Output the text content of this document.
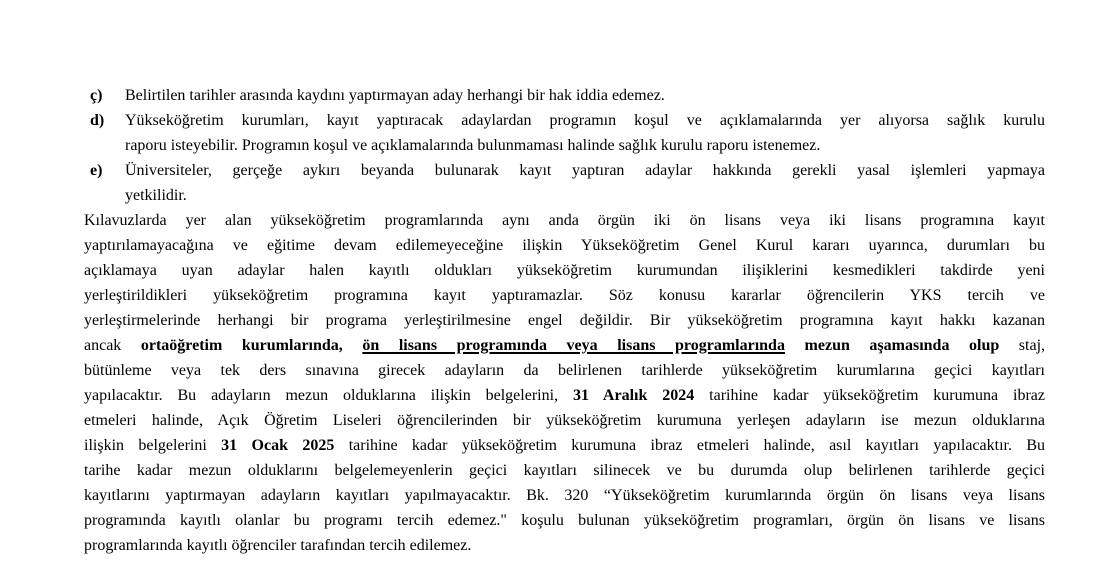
ç)	Belirtilen tarihler arasında kaydını yaptırmayan aday herhangi bir hak iddia edemez.
d)	Yükseköğretim kurumları, kayıt yaptıracak adaylardan programın koşul ve açıklamalarında yer alıyorsa sağlık kurulu
raporu isteyebilir. Programın koşul ve açıklamalarında bulunmaması halinde sağlık kurulu raporu istenemez.
e)	Üniversiteler, gerçeğe aykırı beyanda bulunarak kayıt yaptıran adaylar hakkında gerekli yasal işlemleri yapmaya
yetkilidir.
Kılavuzlarda yer alan yükseköğretim programlarında aynı anda örgün iki ön lisans veya iki lisans programına kayıt
yaptırılamayacağına ve eğitime devam edilemeyeceğine ilişkin Yükseköğretim Genel Kurul kararı uyarınca, durumları bu
açıklamaya uyan adaylar halen kayıtlı oldukları yükseköğretim kurumundan ilişiklerini kesmedikleri takdirde yeni
yerleştirildikleri yükseköğretim programına kayıt yaptıramazlar. Söz konusu kararlar öğrencilerin YKS tercih ve
yerleştirmelerinde herhangi bir programa yerleştirilmesine engel değildir. Bir yükseköğretim programına kayıt hakkı kazanan
ancak ortaöğretim kurumlarında, ön lisans programında veya lisans programlarında mezun aşamasında olup staj,
bütünleme veya tek ders sınavına girecek adayların da belirlenen tarihlerde yükseköğretim kurumlarına geçici kayıtları
yapılacaktır. Bu adayların mezun olduklarına ilişkin belgelerini, 31 Aralık 2024 tarihine kadar yükseköğretim kurumuna ibraz
etmeleri halinde, Açık Öğretim Liseleri öğrencilerinden bir yükseköğretim kurumuna yerleşen adayların ise mezun olduklarına
ilişkin belgelerini 31 Ocak 2025 tarihine kadar yükseköğretim kurumuna ibraz etmeleri halinde, asıl kayıtları yapılacaktır. Bu
tarihe kadar mezun olduklarını belgelemeyenlerin geçici kayıtları silinecek ve bu durumda olup belirlenen tarihlerde geçici
kayıtlarını yaptırmayan adayların kayıtları yapılmayacaktır. Bk. 320 “Yükseköğretim kurumlarında örgün ön lisans veya lisans
programında kayıtlı olanlar bu programı tercih edemez." koşulu bulunan yükseköğretim programları, örgün ön lisans ve lisans
programlarında kayıtlı öğrenciler tarafından tercih edilemez.
